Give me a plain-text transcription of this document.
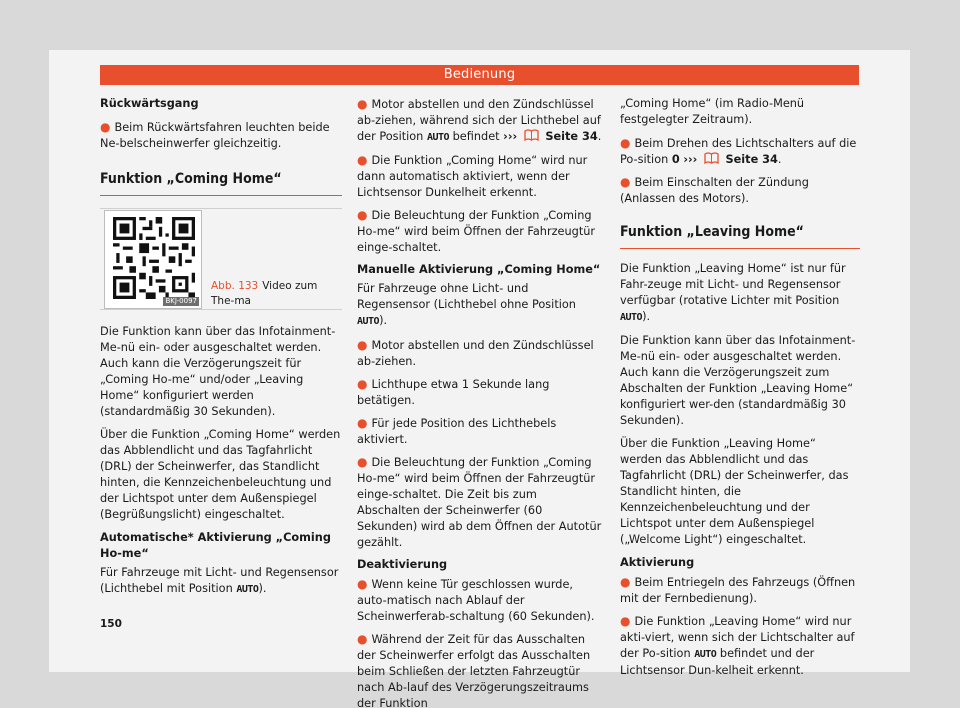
Bedienung
Rückwärtsgang
● Beim Rückwärtsfahren leuchten beide Ne-belscheinwerfer gleichzeitig.
Funktion „Coming Home“
BKJ-0097
Abb. 133 Video zum The-ma
Die Funktion kann über das Infotainment-Me-nü ein- oder ausgeschaltet werden. Auch kann die Verzögerungszeit für „Coming Ho-me“ und/oder „Leaving Home“ konfiguriert werden (standardmäßig 30 Sekunden).
Über die Funktion „Coming Home“ werden das Abblendlicht und das Tagfahrlicht (DRL) der Scheinwerfer, das Standlicht hinten, die Kennzeichenbeleuchtung und der Lichtspot unter dem Außenspiegel (Begrüßungslicht) eingeschaltet.
Automatische* Aktivierung „Coming Ho-me“
Für Fahrzeuge mit Licht- und Regensensor (Lichthebel mit Position AUTO).
● Motor abstellen und den Zündschlüssel ab-ziehen, während sich der Lichthebel auf der Position AUTO befindet ››› Seite 34.
● Die Funktion „Coming Home“ wird nur dann automatisch aktiviert, wenn der Lichtsensor Dunkelheit erkennt.
● Die Beleuchtung der Funktion „Coming Ho-me“ wird beim Öffnen der Fahrzeugtür einge-schaltet.
Manuelle Aktivierung „Coming Home“
Für Fahrzeuge ohne Licht- und Regensensor (Lichthebel ohne Position AUTO).
● Motor abstellen und den Zündschlüssel ab-ziehen.
● Lichthupe etwa 1 Sekunde lang betätigen.
● Für jede Position des Lichthebels aktiviert.
● Die Beleuchtung der Funktion „Coming Ho-me“ wird beim Öffnen der Fahrzeugtür einge-schaltet. Die Zeit bis zum Abschalten der Scheinwerfer (60 Sekunden) wird ab dem Öffnen der Autotür gezählt.
Deaktivierung
● Wenn keine Tür geschlossen wurde, auto-matisch nach Ablauf der Scheinwerferab-schaltung (60 Sekunden).
● Während der Zeit für das Ausschalten der Scheinwerfer erfolgt das Ausschalten beim Schließen der letzten Fahrzeugtür nach Ab-lauf des Verzögerungszeitraums der Funktion
„Coming Home“ (im Radio-Menü festgelegter Zeitraum).
● Beim Drehen des Lichtschalters auf die Po-sition 0 ››› Seite 34.
● Beim Einschalten der Zündung (Anlassen des Motors).
Funktion „Leaving Home“
Die Funktion „Leaving Home“ ist nur für Fahr-zeuge mit Licht- und Regensensor verfügbar (rotative Lichter mit Position AUTO).
Die Funktion kann über das Infotainment-Me-nü ein- oder ausgeschaltet werden. Auch kann die Verzögerungszeit zum Abschalten der Funktion „Leaving Home“ konfiguriert wer-den (standardmäßig 30 Sekunden).
Über die Funktion „Leaving Home“ werden das Abblendlicht und das Tagfahrlicht (DRL) der Scheinwerfer, das Standlicht hinten, die Kennzeichenbeleuchtung und der Lichtspot unter dem Außenspiegel („Welcome Light“) eingeschaltet.
Aktivierung
● Beim Entriegeln des Fahrzeugs (Öffnen mit der Fernbedienung).
● Die Funktion „Leaving Home“ wird nur akti-viert, wenn sich der Lichtschalter auf der Po-sition AUTO befindet und der Lichtsensor Dun-kelheit erkennt.
150
